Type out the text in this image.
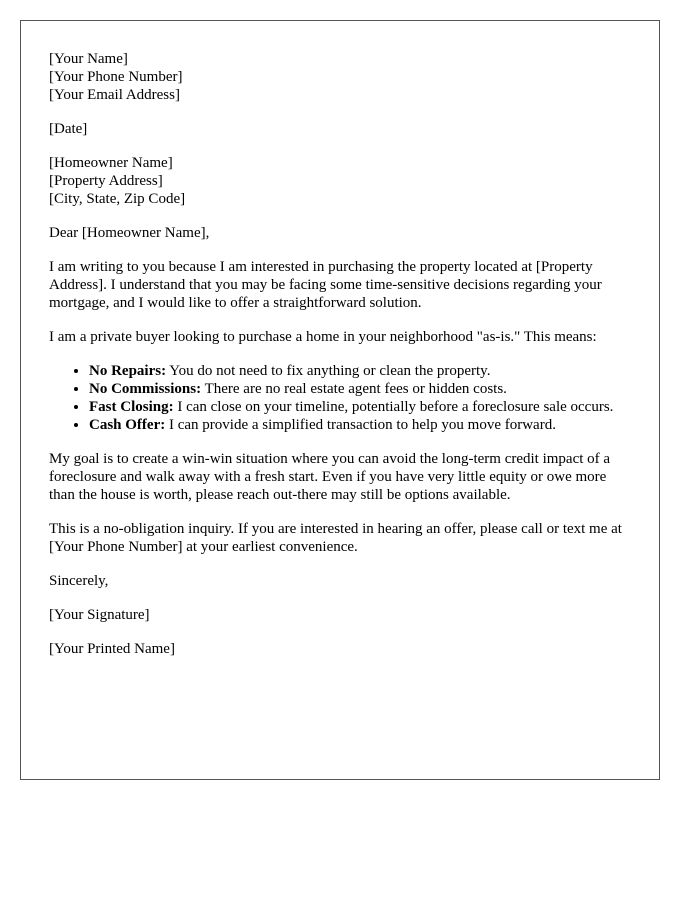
[Your Name]
[Your Phone Number]
[Your Email Address]
[Date]
[Homeowner Name]
[Property Address]
[City, State, Zip Code]

Dear [Homeowner Name],

I am writing to you because I am interested in purchasing the property located at [Property Address]. I understand that you may be facing some time-sensitive decisions regarding your mortgage, and I would like to offer a straightforward solution.

I am a private buyer looking to purchase a home in your neighborhood "as-is." This means:

• No Repairs: You do not need to fix anything or clean the property.
• No Commissions: There are no real estate agent fees or hidden costs.
• Fast Closing: I can close on your timeline, potentially before a foreclosure sale occurs.
• Cash Offer: I can provide a simplified transaction to help you move forward.

My goal is to create a win-win situation where you can avoid the long-term credit impact of a foreclosure and walk away with a fresh start. Even if you have very little equity or owe more than the house is worth, please reach out-there may still be options available.

This is a no-obligation inquiry. If you are interested in hearing an offer, please call or text me at [Your Phone Number] at your earliest convenience.

Sincerely,

[Your Signature]

[Your Printed Name]
